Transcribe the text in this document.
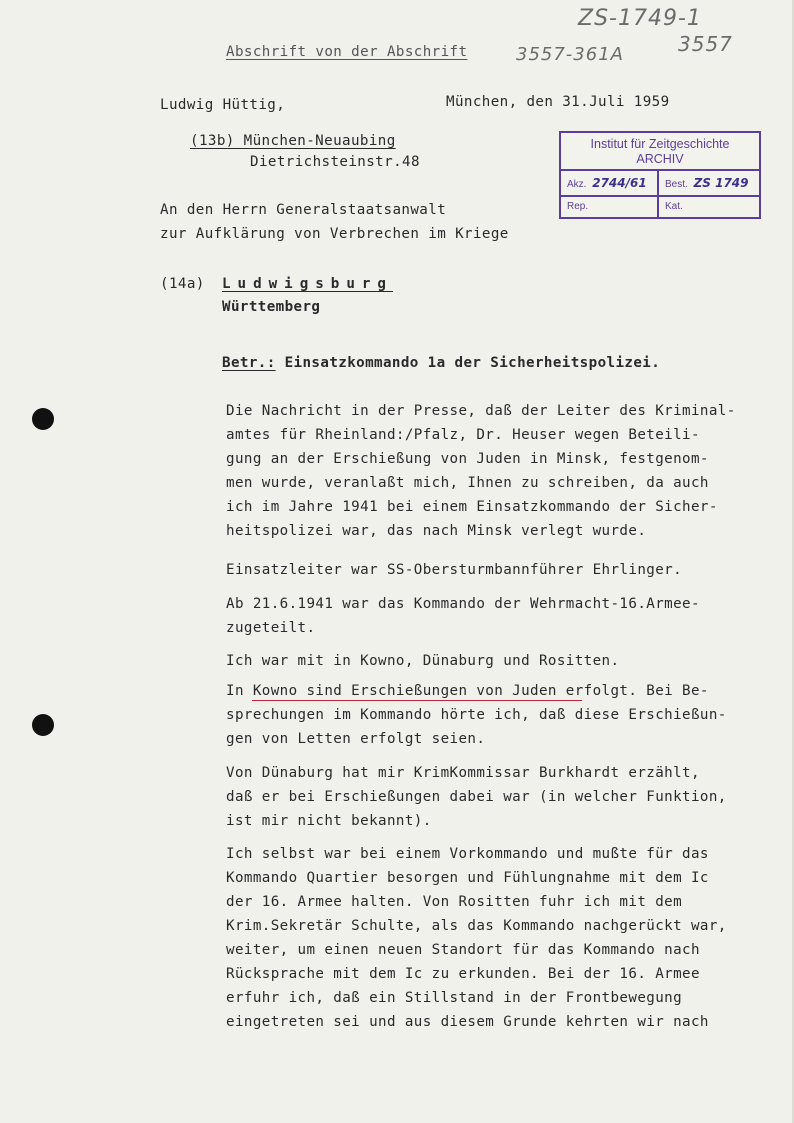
ZS-1749-1
3557
3557-361A
Abschrift von der Abschrift
Ludwig Hüttig,	München, den 31.Juli 1959
(13b) München-Neuaubing
Dietrichsteinstr.48
Institut für Zeitgeschichte
ARCHIV
Akz. 2744/61	Best. ZS 1749
Rep.	Kat.
An den Herrn Generalstaatsanwalt
zur Aufklärung von Verbrechen im Kriege
(14a) Ludwigsburg
Württemberg
Betr.: Einsatzkommando 1a der Sicherheitspolizei.
Die Nachricht in der Presse, daß der Leiter des Kriminal-
amtes für Rheinland:/Pfalz, Dr. Heuser wegen Beteili-
gung an der Erschießung von Juden in Minsk, festgenom-
men wurde, veranlaßt mich, Ihnen zu schreiben, da auch
ich im Jahre 1941 bei einem Einsatzkommando der Sicher-
heitspolizei war, das nach Minsk verlegt wurde.
Einsatzleiter war SS-Obersturmbannführer Ehrlinger.
Ab 21.6.1941 war das Kommando der Wehrmacht-16.Armee-
zugeteilt.
Ich war mit in Kowno, Dünaburg und Rositten.
In Kowno sind Erschießungen von Juden erfolgt. Bei Be-
sprechungen im Kommando hörte ich, daß diese Erschießun-
gen von Letten erfolgt seien.
Von Dünaburg hat mir KrimKommissar Burkhardt erzählt,
daß er bei Erschießungen dabei war (in welcher Funktion,
ist mir nicht bekannt).
Ich selbst war bei einem Vorkommando und mußte für das
Kommando Quartier besorgen und Fühlungnahme mit dem Ic
der 16. Armee halten. Von Rositten fuhr ich mit dem
Krim.Sekretär Schulte, als das Kommando nachgerückt war,
weiter, um einen neuen Standort für das Kommando nach
Rücksprache mit dem Ic zu erkunden. Bei der 16. Armee
erfuhr ich, daß ein Stillstand in der Frontbewegung
eingetreten sei und aus diesem Grunde kehrten wir nach
